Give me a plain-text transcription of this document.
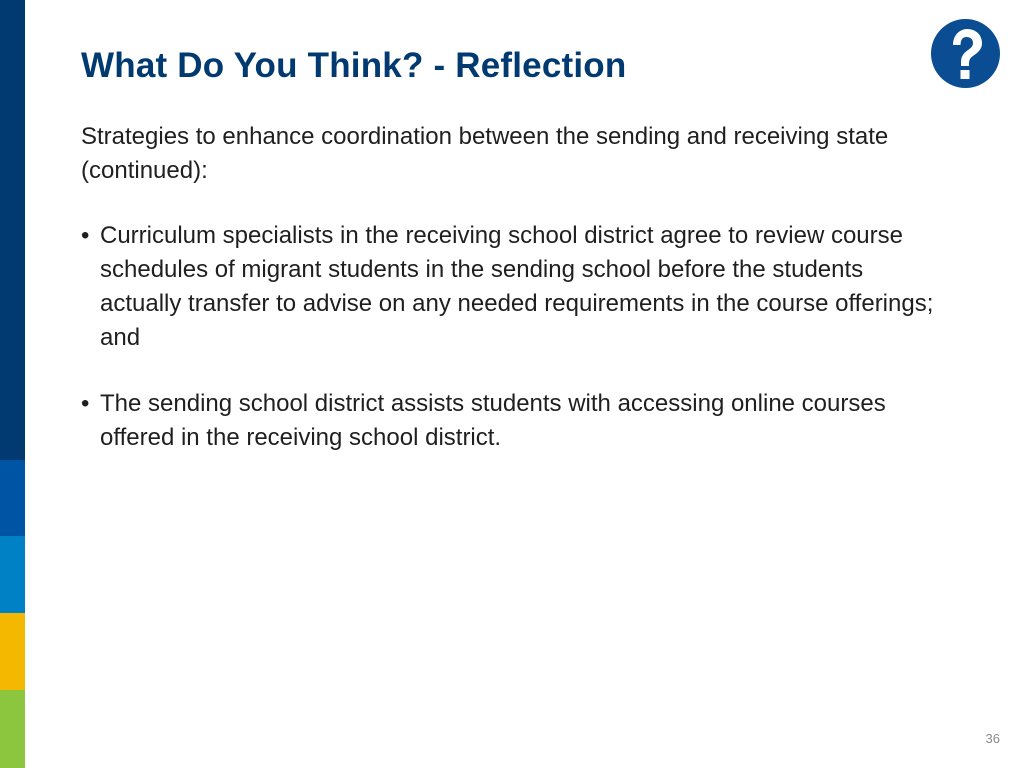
What Do You Think? - Reflection

Strategies to enhance coordination between the sending and receiving state (continued):

• Curriculum specialists in the receiving school district agree to review course schedules of migrant students in the sending school before the students actually transfer to advise on any needed requirements in the course offerings; and
• The sending school district assists students with accessing online courses offered in the receiving school district.
36
